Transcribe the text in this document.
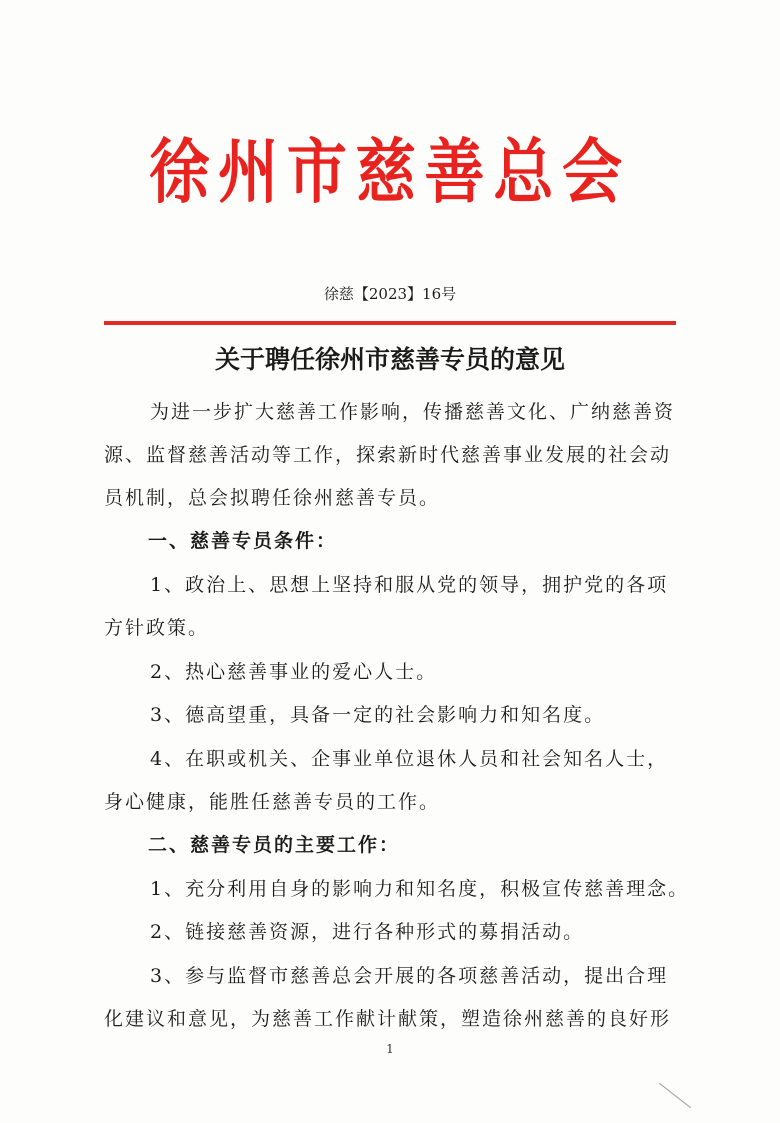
徐州市慈善总会
徐慈【2023】16号
关于聘任徐州市慈善专员的意见

为进一步扩大慈善工作影响，传播慈善文化、广纳慈善资

源、监督慈善活动等工作，探索新时代慈善事业发展的社会动

员机制，总会拟聘任徐州慈善专员。

一、慈善专员条件：

1、政治上、思想上坚持和服从党的领导，拥护党的各项

方针政策。

2、热心慈善事业的爱心人士。

3、德高望重，具备一定的社会影响力和知名度。

4、在职或机关、企事业单位退休人员和社会知名人士，

身心健康，能胜任慈善专员的工作。

二、慈善专员的主要工作：

1、充分利用自身的影响力和知名度，积极宣传慈善理念。

2、链接慈善资源，进行各种形式的募捐活动。

3、参与监督市慈善总会开展的各项慈善活动，提出合理

化建议和意见，为慈善工作献计献策，塑造徐州慈善的良好形

1
